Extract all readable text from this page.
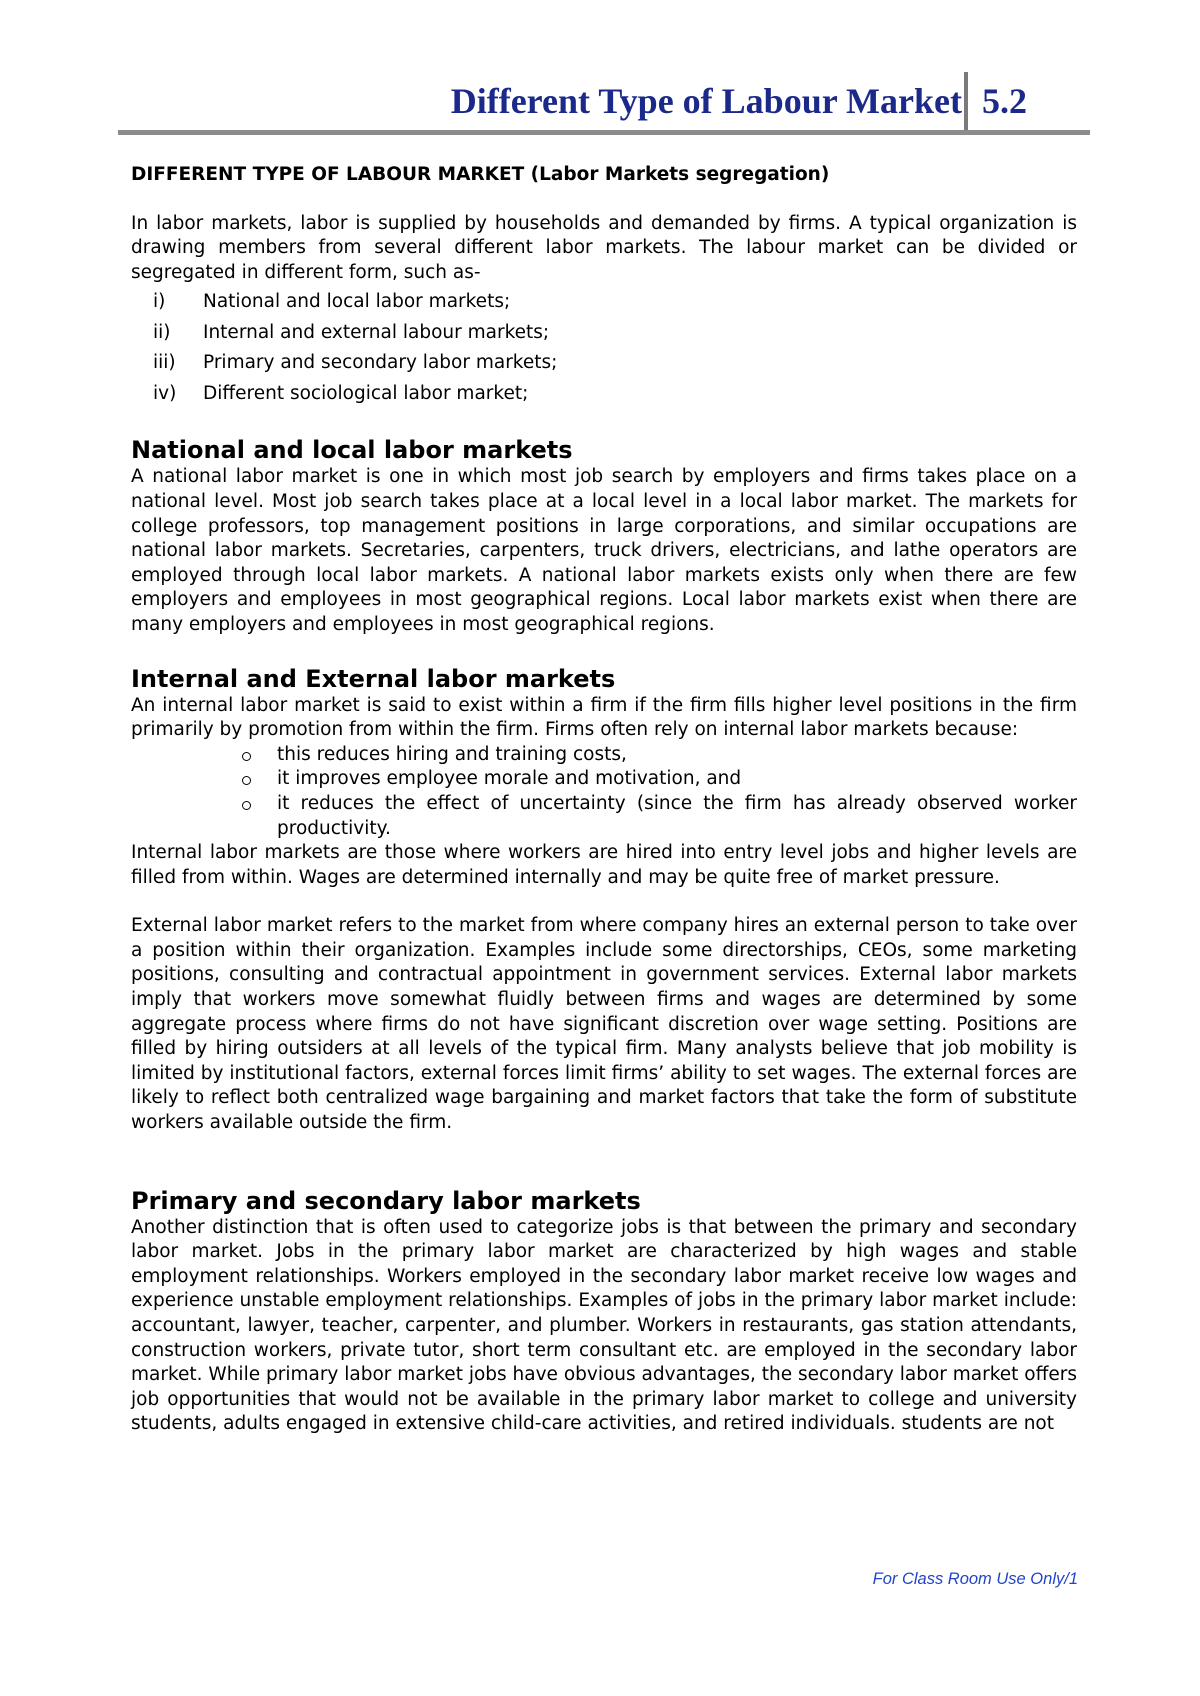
Different Type of Labour Market 5.2

DIFFERENT TYPE OF LABOUR MARKET (Labor Markets segregation)

In labor markets, labor is supplied by households and demanded by firms. A typical organization is drawing members from several different labor markets. The labour market can be divided or segregated in different form, such as-

i) National and local labor markets;
ii) Internal and external labour markets;
iii) Primary and secondary labor markets;
iv) Different sociological labor market;
National and local labor markets

A national labor market is one in which most job search by employers and firms takes place on a national level. Most job search takes place at a local level in a local labor market. The markets for college professors, top management positions in large corporations, and similar occupations are national labor markets. Secretaries, carpenters, truck drivers, electricians, and lathe operators are employed through local labor markets. A national labor markets exists only when there are few employers and employees in most geographical regions. Local labor markets exist when there are many employers and employees in most geographical regions.

Internal and External labor markets

An internal labor market is said to exist within a firm if the firm fills higher level positions in the firm primarily by promotion from within the firm. Firms often rely on internal labor markets because:

this reduces hiring and training costs,
it improves employee morale and motivation, and
it reduces the effect of uncertainty (since the firm has already observed worker productivity.

Internal labor markets are those where workers are hired into entry level jobs and higher levels are filled from within. Wages are determined internally and may be quite free of market pressure.

External labor market refers to the market from where company hires an external person to take over a position within their organization. Examples include some directorships, CEOs, some marketing positions, consulting and contractual appointment in government services. External labor markets imply that workers move somewhat fluidly between firms and wages are determined by some aggregate process where firms do not have significant discretion over wage setting. Positions are filled by hiring outsiders at all levels of the typical firm. Many analysts believe that job mobility is limited by institutional factors, external forces limit firms’ ability to set wages. The external forces are likely to reflect both centralized wage bargaining and market factors that take the form of substitute workers available outside the firm.

Primary and secondary labor markets

Another distinction that is often used to categorize jobs is that between the primary and secondary labor market. Jobs in the primary labor market are characterized by high wages and stable employment relationships. Workers employed in the secondary labor market receive low wages and experience unstable employment relationships. Examples of jobs in the primary labor market include: accountant, lawyer, teacher, carpenter, and plumber. Workers in restaurants, gas station attendants, construction workers, private tutor, short term consultant etc. are employed in the secondary labor market. While primary labor market jobs have obvious advantages, the secondary labor market offers job opportunities that would not be available in the primary labor market to college and university students, adults engaged in extensive child-care activities, and retired individuals. students are not

For Class Room Use Only/1
